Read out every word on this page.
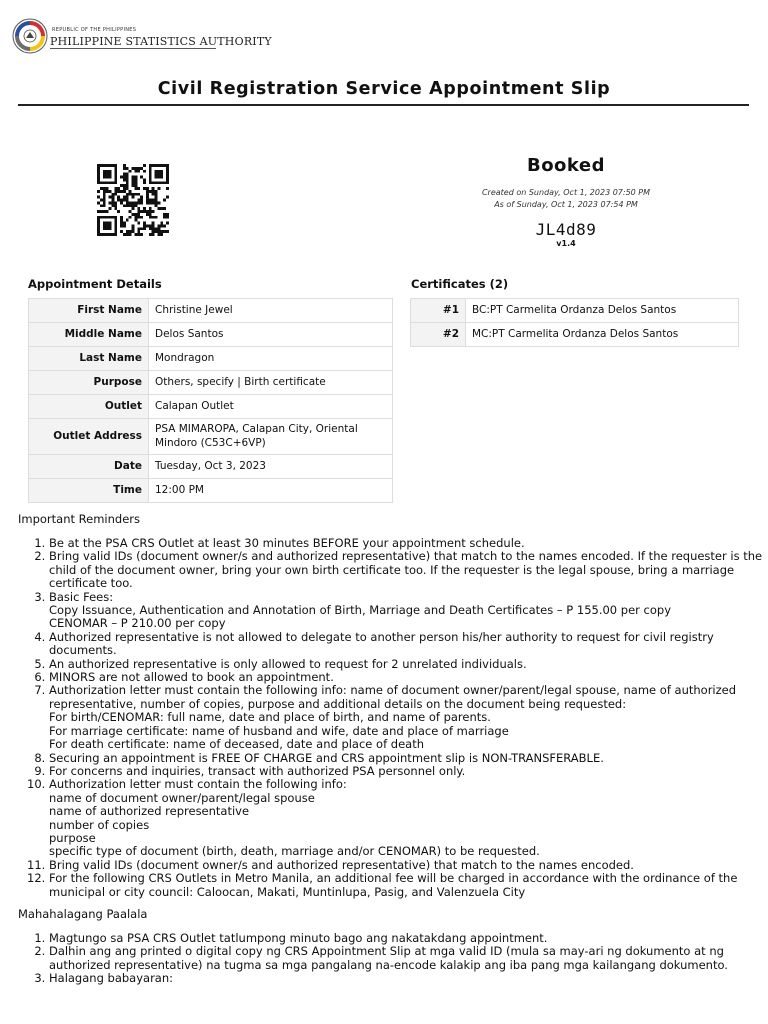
REPUBLIC OF THE PHILIPPINES
PHILIPPINE STATISTICS AUTHORITY
Civil Registration Service Appointment Slip
Booked
Created on Sunday, Oct 1, 2023 07:50 PM
As of Sunday, Oct 1, 2023 07:54 PM
JL4d89
v1.4
Appointment Details	Certificates (2)
First Name	Christine Jewel
Middle Name	Delos Santos
Last Name	Mondragon
Purpose	Others, specify | Birth certificate
Outlet	Calapan Outlet
Outlet Address	PSA MIMAROPA, Calapan City, Oriental Mindoro (C53C+6VP)
Date	Tuesday, Oct 3, 2023
Time	12:00 PM
#1	BC:PT Carmelita Ordanza Delos Santos
#2	MC:PT Carmelita Ordanza Delos Santos
Important Reminders
1. Be at the PSA CRS Outlet at least 30 minutes BEFORE your appointment schedule.
2. Bring valid IDs (document owner/s and authorized representative) that match to the names encoded. If the requester is the child of the document owner, bring your own birth certificate too. If the requester is the legal spouse, bring a marriage certificate too.
3. Basic Fees:
Copy Issuance, Authentication and Annotation of Birth, Marriage and Death Certificates – P 155.00 per copy
CENOMAR – P 210.00 per copy
4. Authorized representative is not allowed to delegate to another person his/her authority to request for civil registry documents.
5. An authorized representative is only allowed to request for 2 unrelated individuals.
6. MINORS are not allowed to book an appointment.
7. Authorization letter must contain the following info: name of document owner/parent/legal spouse, name of authorized representative, number of copies, purpose and additional details on the document being requested:
For birth/CENOMAR: full name, date and place of birth, and name of parents.
For marriage certificate: name of husband and wife, date and place of marriage
For death certificate: name of deceased, date and place of death
8. Securing an appointment is FREE OF CHARGE and CRS appointment slip is NON-TRANSFERABLE.
9. For concerns and inquiries, transact with authorized PSA personnel only.
10. Authorization letter must contain the following info:
name of document owner/parent/legal spouse
name of authorized representative
number of copies
purpose
specific type of document (birth, death, marriage and/or CENOMAR) to be requested.
11. Bring valid IDs (document owner/s and authorized representative) that match to the names encoded.
12. For the following CRS Outlets in Metro Manila, an additional fee will be charged in accordance with the ordinance of the municipal or city council: Caloocan, Makati, Muntinlupa, Pasig, and Valenzuela City
Mahahalagang Paalala
1. Magtungo sa PSA CRS Outlet tatlumpong minuto bago ang nakatakdang appointment.
2. Dalhin ang ang printed o digital copy ng CRS Appointment Slip at mga valid ID (mula sa may-ari ng dokumento at ng authorized representative) na tugma sa mga pangalang na-encode kalakip ang iba pang mga kailangang dokumento.
3. Halagang babayaran:
